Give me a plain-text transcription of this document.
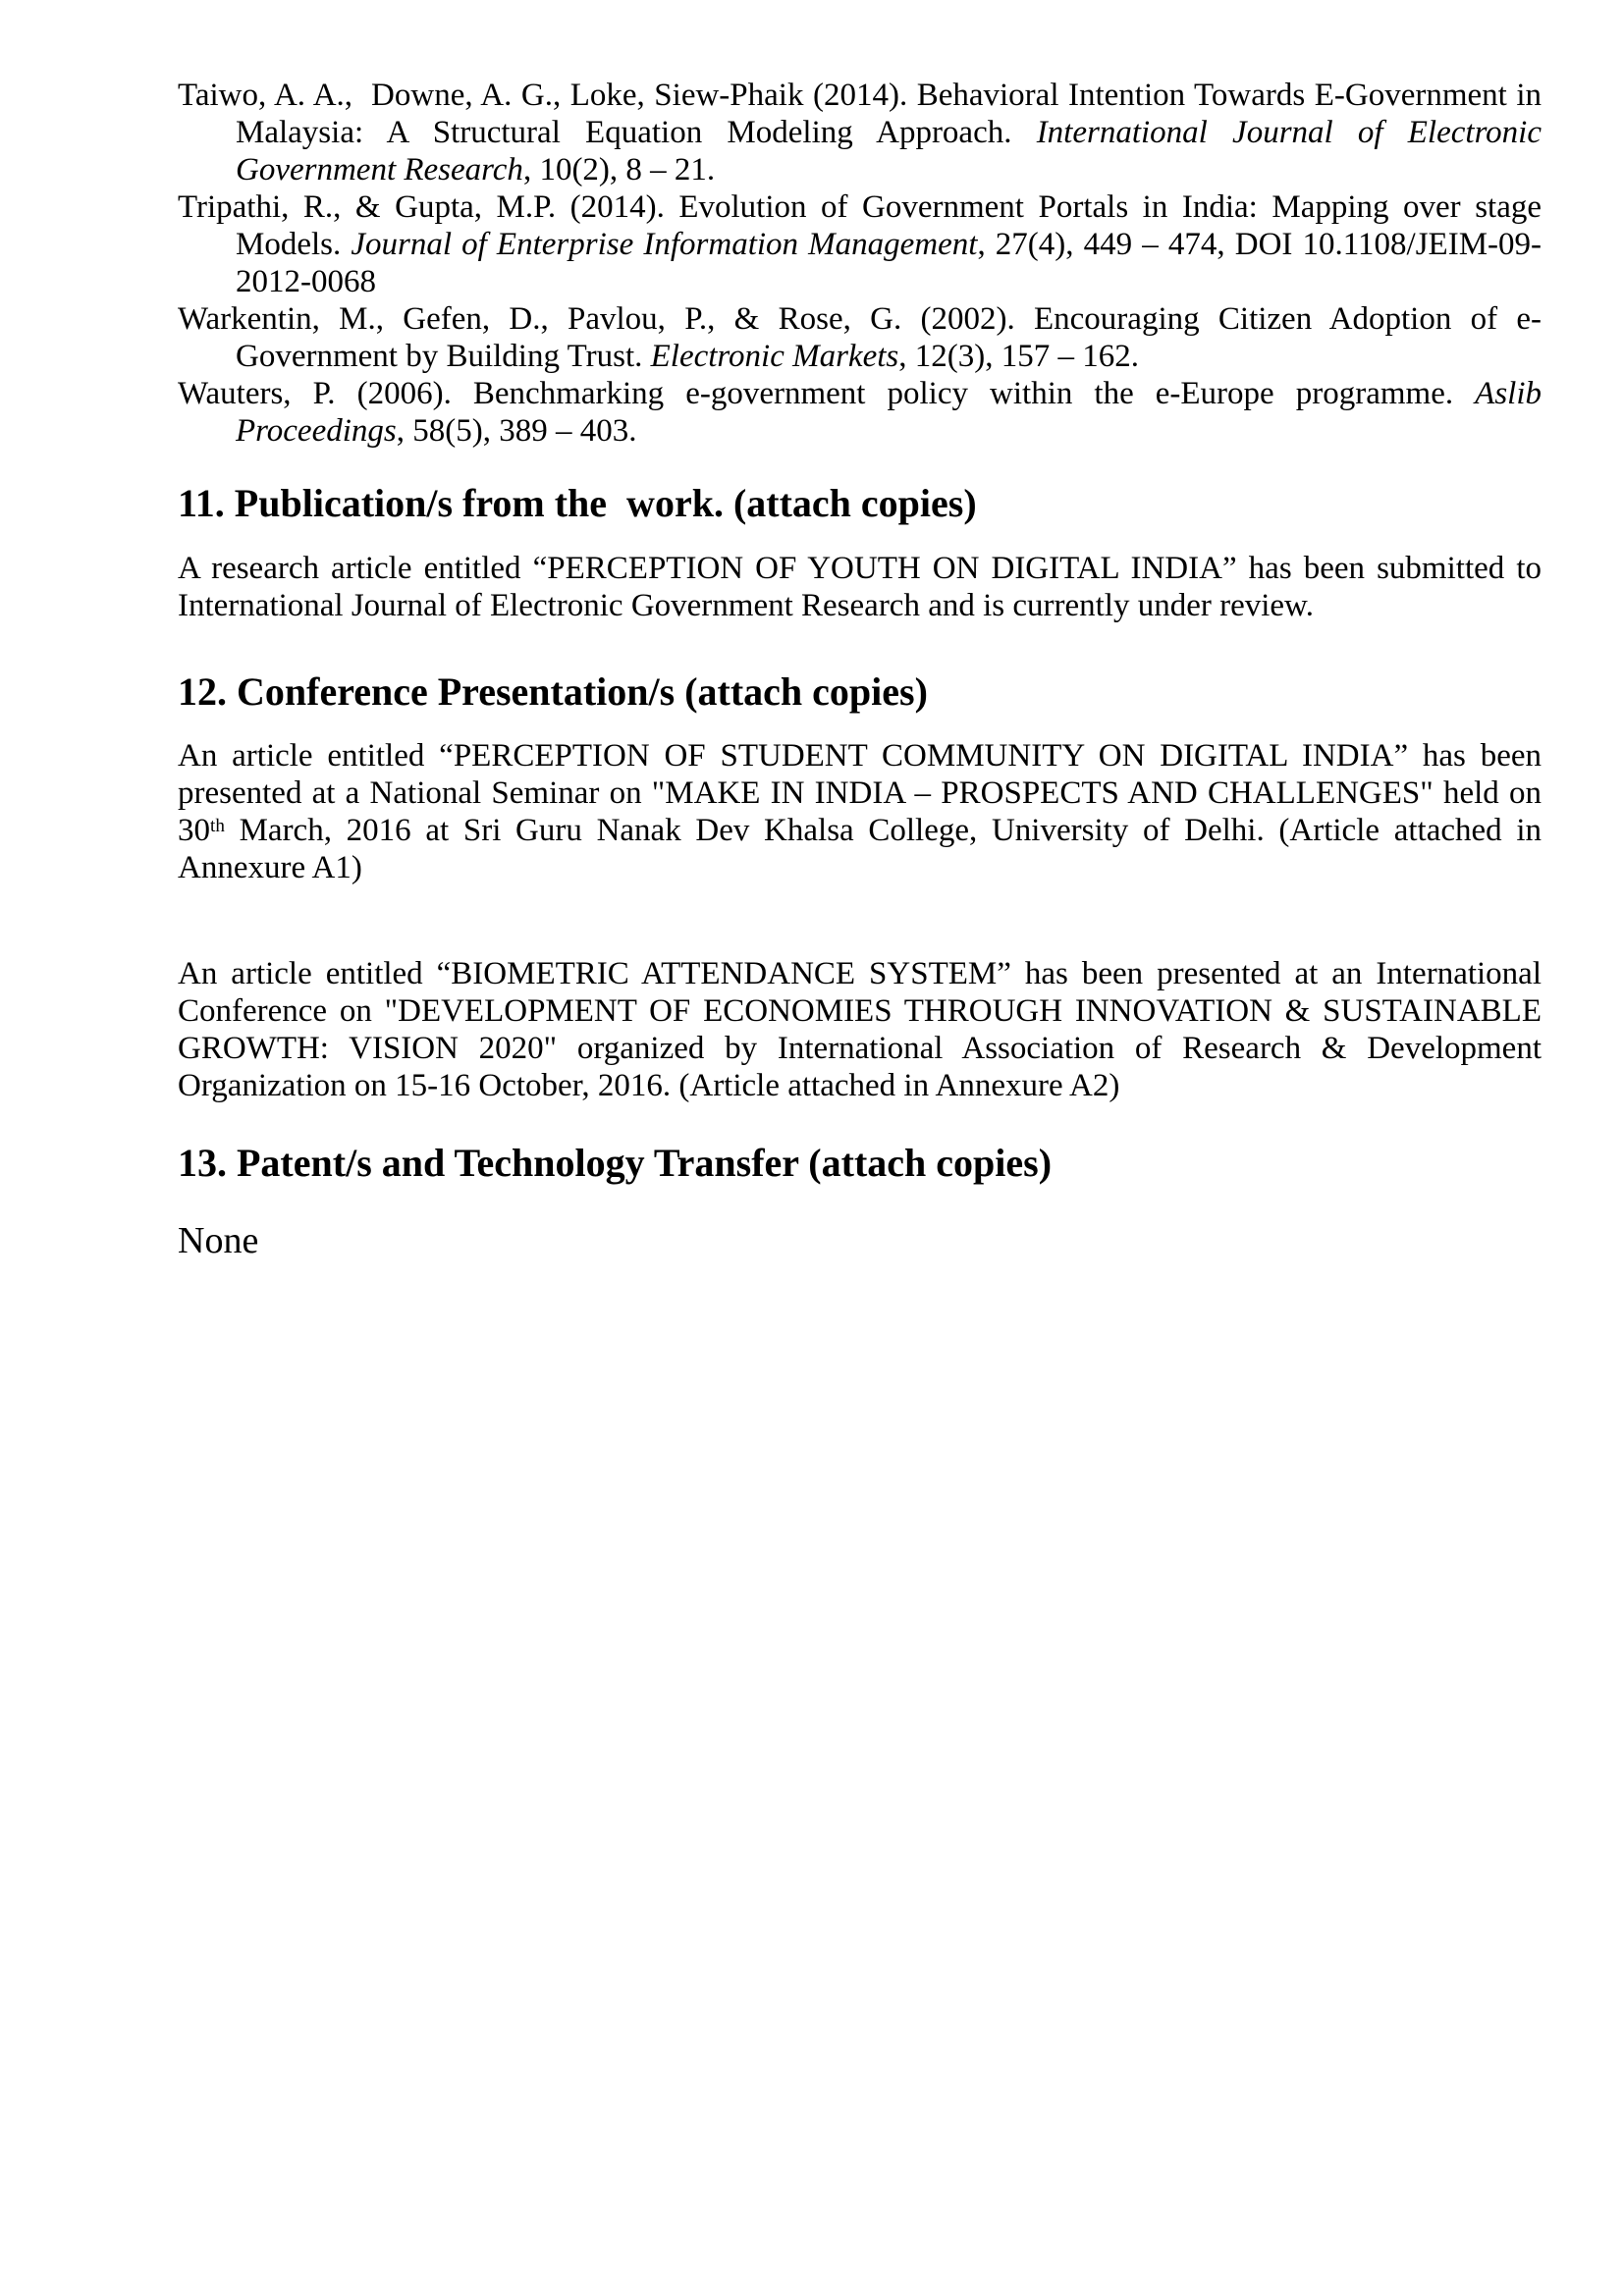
Taiwo, A. A.,  Downe, A. G., Loke, Siew-Phaik (2014). Behavioral Intention Towards E-Government in Malaysia: A Structural Equation Modeling Approach. International Journal of Electronic Government Research, 10(2), 8 – 21.

Tripathi, R., & Gupta, M.P. (2014). Evolution of Government Portals in India: Mapping over stage Models. Journal of Enterprise Information Management, 27(4), 449 – 474, DOI 10.1108/JEIM-09-2012-0068

Warkentin, M., Gefen, D., Pavlou, P., & Rose, G. (2002). Encouraging Citizen Adoption of e-Government by Building Trust. Electronic Markets, 12(3), 157 – 162.

Wauters, P. (2006). Benchmarking e-government policy within the e-Europe programme. Aslib Proceedings, 58(5), 389 – 403.

11. Publication/s from the  work. (attach copies)

A research article entitled “PERCEPTION OF YOUTH ON DIGITAL INDIA” has been submitted to International Journal of Electronic Government Research and is currently under review.

12. Conference Presentation/s (attach copies)

An article entitled “PERCEPTION OF STUDENT COMMUNITY ON DIGITAL INDIA” has been presented at a National Seminar on "MAKE IN INDIA – PROSPECTS AND CHALLENGES" held on 30th March, 2016 at Sri Guru Nanak Dev Khalsa College, University of Delhi. (Article attached in Annexure A1)

An article entitled “BIOMETRIC ATTENDANCE SYSTEM” has been presented at an International Conference on "DEVELOPMENT OF ECONOMIES THROUGH INNOVATION & SUSTAINABLE GROWTH: VISION 2020" organized by International Association of Research & Development Organization on 15-16 October, 2016. (Article attached in Annexure A2)

13. Patent/s and Technology Transfer (attach copies)

None
